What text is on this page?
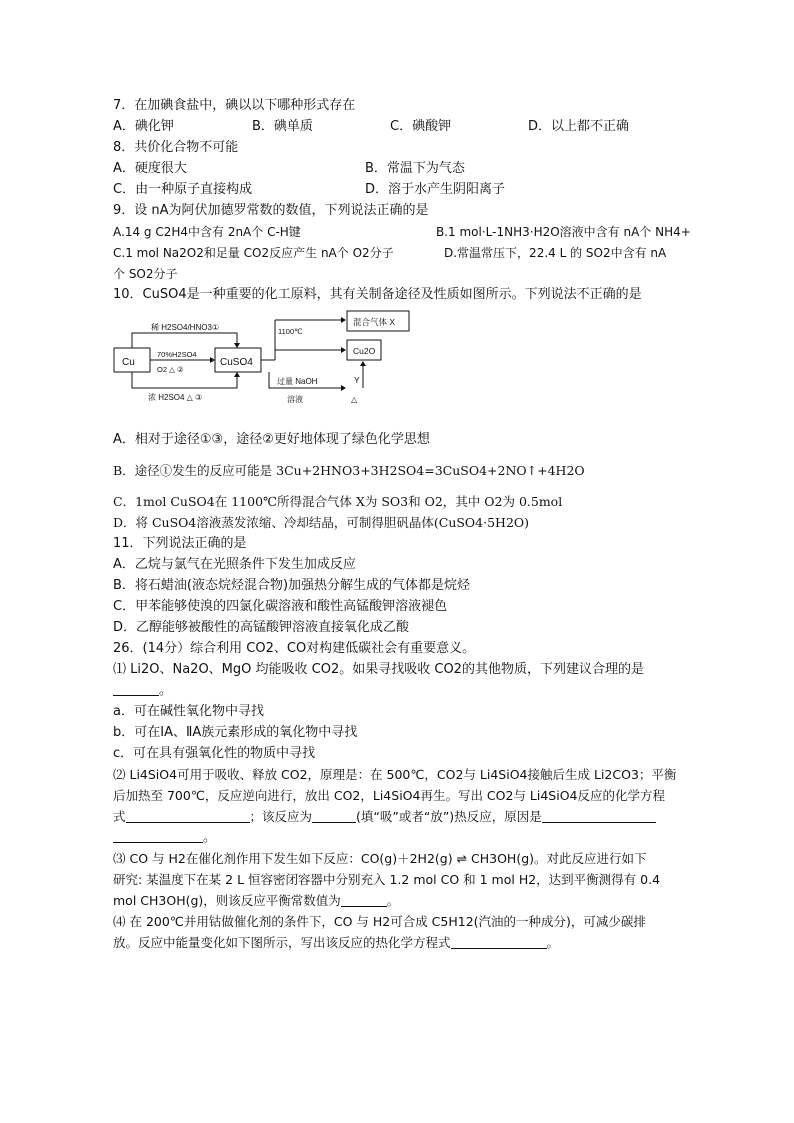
7．在加碘食盐中，碘以以下哪种形式存在
A．碘化钾	B．碘单质	C．碘酸钾	D．以上都不正确
8．共价化合物不可能
A．硬度很大	B．常温下为气态
C．由一种原子直接构成	D．溶于水产生阴阳离子
9．设 nA为阿伏加德罗常数的数值，下列说法正确的是
A.14 g C2H4中含有 2nA个 C-H键	B.1 mol·L-1NH3·H2O溶液中含有 nA个 NH4+
C.1 mol Na2O2和足量 CO2反应产生 nA个 O2分子	D.常温常压下，22.4 L 的 SO2中含有 nA
个 SO2分子
10．CuSO4是一种重要的化工原料，其有关制备途径及性质如图所示。下列说法不正确的是
Cu	CuSO4
稀 H2SO4/HNO3①
70%H2SO4
O2 △ ②
浓 H2SO4 △ ③
1100℃
混合气体 X
Cu2O
过量 NaOH
溶液
Y
△
A．相对于途径①③，途径②更好地体现了绿色化学思想
B．途径①发生的反应可能是 3Cu+2HNO3+3H2SO4=3CuSO4+2NO↑+4H2O
C．1mol CuSO4在 1100℃所得混合气体 X为 SO3和 O2，其中 O2为 0.5mol
D．将 CuSO4溶液蒸发浓缩、冷却结晶，可制得胆矾晶体(CuSO4·5H2O)
11．下列说法正确的是
A．乙烷与氯气在光照条件下发生加成反应
B．将石蜡油(液态烷烃混合物)加强热分解生成的气体都是烷烃
C．甲苯能够使溴的四氯化碳溶液和酸性高锰酸钾溶液褪色
D．乙醇能够被酸性的高锰酸钾溶液直接氧化成乙酸
26．(14分）综合利用 CO2、CO对构建低碳社会有重要意义。
⑴ Li2O、Na2O、MgO 均能吸收 CO2。如果寻找吸收 CO2的其他物质，下列建议合理的是
。
a．可在碱性氧化物中寻找
b．可在ⅠA、ⅡA族元素形成的氧化物中寻找
c．可在具有强氧化性的物质中寻找
⑵ Li4SiO4可用于吸收、释放 CO2，原理是：在 500℃，CO2与 Li4SiO4接触后生成 Li2CO3；平衡
后加热至 700℃，反应逆向进行，放出 CO2，Li4SiO4再生。写出 CO2与 Li4SiO4反应的化学方程
式	；该反应为	(填“吸”或者“放”)热反应，原因是
。
⑶ CO 与 H2在催化剂作用下发生如下反应：CO(g)＋2H2(g) ⇌ CH3OH(g)。对此反应进行如下
研究: 某温度下在某 2 L 恒容密闭容器中分别充入 1.2 mol CO 和 1 mol H2，达到平衡测得有 0.4
mol CH3OH(g)，则该反应平衡常数值为	。
⑷ 在 200℃并用钴做催化剂的条件下，CO 与 H2可合成 C5H12(汽油的一种成分)，可减少碳排
放。反应中能量变化如下图所示，写出该反应的热化学方程式	。
